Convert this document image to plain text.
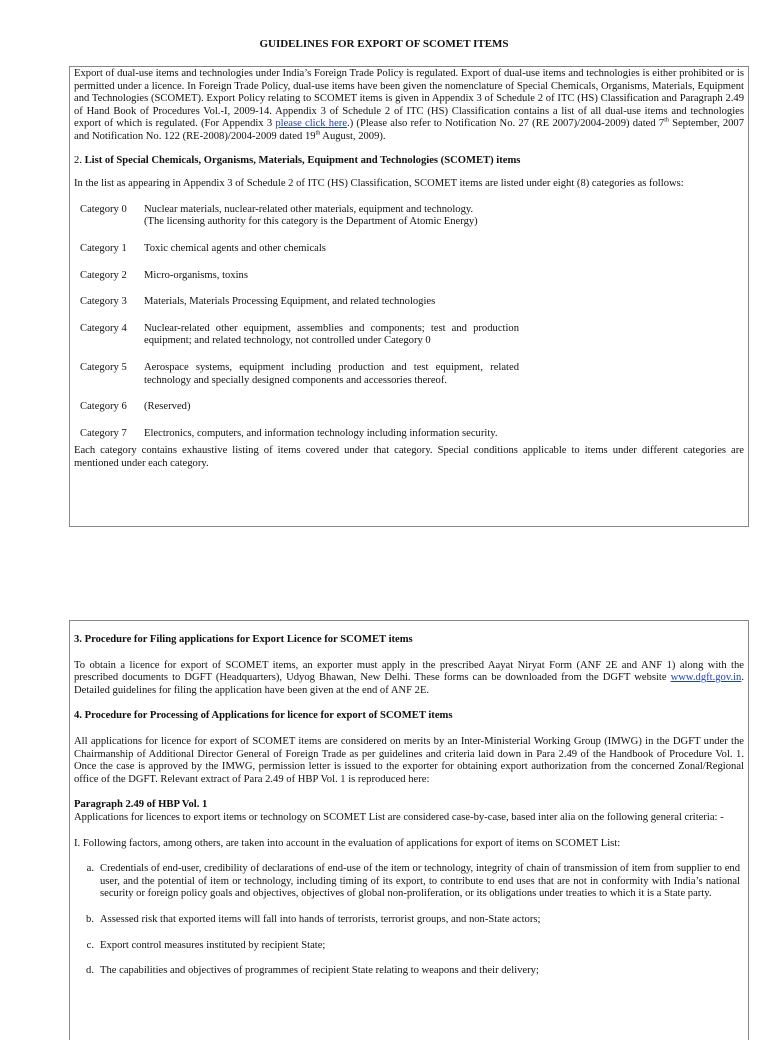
GUIDELINES FOR EXPORT OF SCOMET ITEMS

Export of dual-use items and technologies under India’s Foreign Trade Policy is regulated. Export of dual-use items and technologies is either prohibited or is permitted under a licence. In Foreign Trade Policy, dual-use items have been given the nomenclature of Special Chemicals, Organisms, Materials, Equipment and Technologies (SCOMET). Export Policy relating to SCOMET items is given in Appendix 3 of Schedule 2 of ITC (HS) Classification and Paragraph 2.49 of Hand Book of Procedures Vol.-I, 2009-14. Appendix 3 of Schedule 2 of ITC (HS) Classification contains a list of all dual-use items and technologies export of which is regulated. (For Appendix 3 please click here.) (Please also refer to Notification No. 27 (RE 2007)/2004-2009) dated 7th September, 2007 and Notification No. 122 (RE-2008)/2004-2009 dated 19th August, 2009).

2. List of Special Chemicals, Organisms, Materials, Equipment and Technologies (SCOMET) items

In the list as appearing in Appendix 3 of Schedule 2 of ITC (HS) Classification, SCOMET items are listed under eight (8) categories as follows:

Category 0	Nuclear materials, nuclear-related other materials, equipment and technology.
(The licensing authority for this category is the Department of Atomic Energy)
Category 1	Toxic chemical agents and other chemicals
Category 2	Micro-organisms, toxins
Category 3	Materials, Materials Processing Equipment, and related technologies
Category 4	Nuclear-related other equipment, assemblies and components; test and production equipment; and related technology, not controlled under Category 0
Category 5	Aerospace systems, equipment including production and test equipment, related technology and specially designed components and accessories thereof.
Category 6	(Reserved)
Category 7	Electronics, computers, and information technology including information security.

Each category contains exhaustive listing of items covered under that category. Special conditions applicable to items under different categories are mentioned under each category.

3. Procedure for Filing applications for Export Licence for SCOMET items

To obtain a licence for export of SCOMET items, an exporter must apply in the prescribed Aayat Niryat Form (ANF 2E and ANF 1) along with the prescribed documents to DGFT (Headquarters), Udyog Bhawan, New Delhi. These forms can be downloaded from the DGFT website www.dgft.gov.in. Detailed guidelines for filing the application have been given at the end of ANF 2E.

4. Procedure for Processing of Applications for licence for export of SCOMET items

All applications for licence for export of SCOMET items are considered on merits by an Inter-Ministerial Working Group (IMWG) in the DGFT under the Chairmanship of Additional Director General of Foreign Trade as per guidelines and criteria laid down in Para 2.49 of the Handbook of Procedure Vol. 1. Once the case is approved by the IMWG, permission letter is issued to the exporter for obtaining export authorization from the concerned Zonal/Regional office of the DGFT. Relevant extract of Para 2.49 of HBP Vol. 1 is reproduced here:

Paragraph 2.49 of HBP Vol. 1

Applications for licences to export items or technology on SCOMET List are considered case-by-case, based inter alia on the following general criteria: -

I. Following factors, among others, are taken into account in the evaluation of applications for export of items on SCOMET List:

a. Credentials of end-user, credibility of declarations of end-use of the item or technology, integrity of chain of transmission of item from supplier to end user, and the potential of item or technology, including timing of its export, to contribute to end uses that are not in conformity with India’s national security or foreign policy goals and objectives, objectives of global non-proliferation, or its obligations under treaties to which it is a State party.
b. Assessed risk that exported items will fall into hands of terrorists, terrorist groups, and non-State actors;
c. Export control measures instituted by recipient State;
d. The capabilities and objectives of programmes of recipient State relating to weapons and their delivery;
